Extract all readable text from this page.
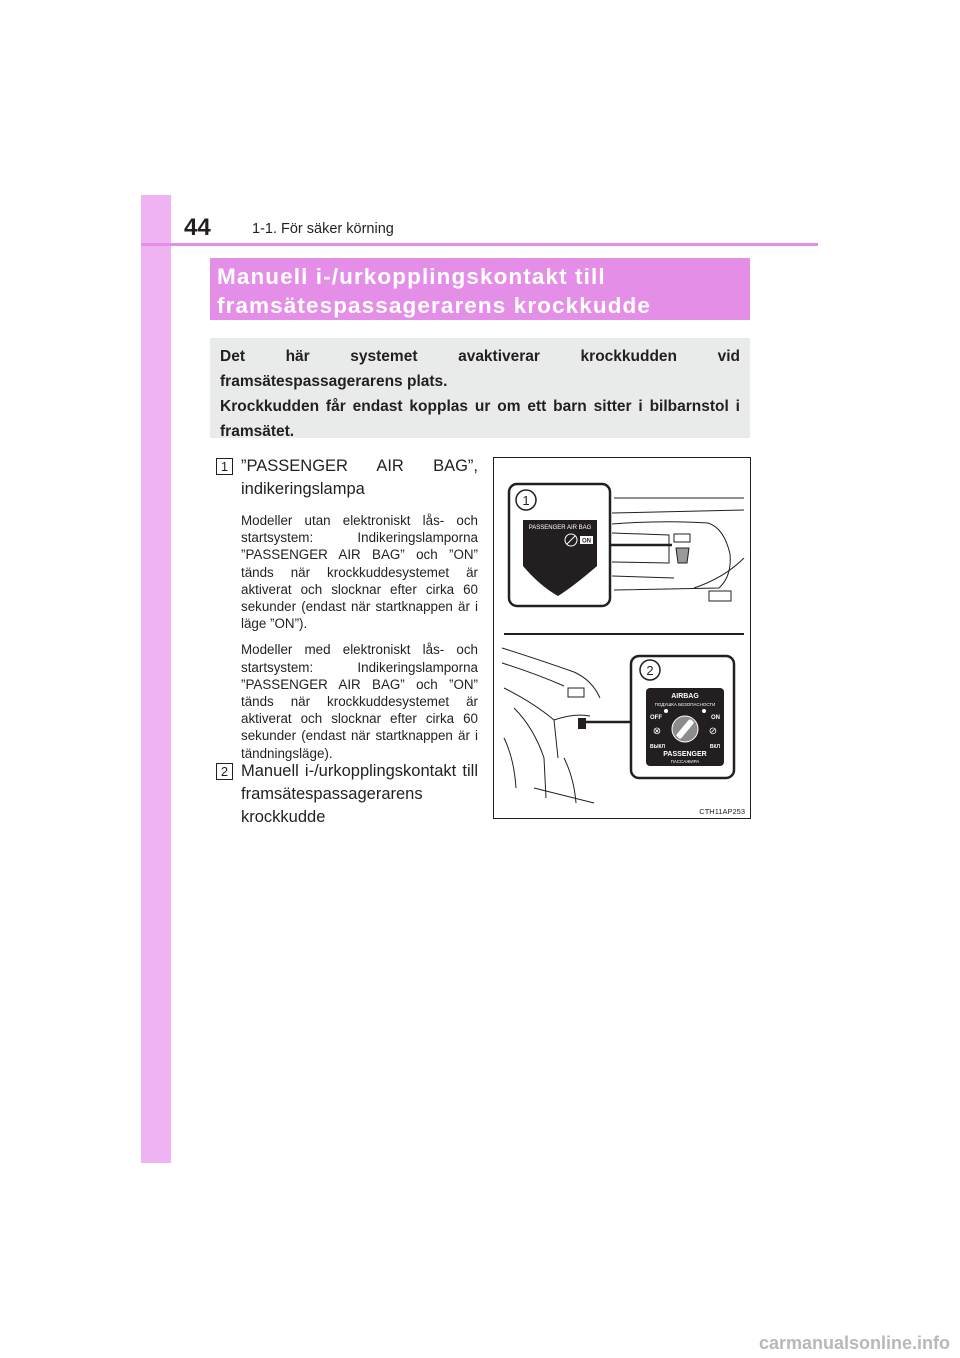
44	1-1. För säker körning
Manuell i-/urkopplingskontakt till
framsätespassagerarens krockkudde

Det här systemet avaktiverar krockkudden vid framsätespassagerarens plats.

Krockkudden får endast kopplas ur om ett barn sitter i bilbarnstol i framsätet.

1 ”PASSENGER AIR BAG”, indikeringslampa
Modeller utan elektroniskt lås- och startsystem: Indikeringslamporna ”PASSENGER AIR BAG” och ”ON” tänds när krockkuddesystemet är aktiverat och slocknar efter cirka 60 sekunder (endast när startknappen är i läge ”ON”).
Modeller med elektroniskt lås- och startsystem: Indikeringslamporna ”PASSENGER AIR BAG” och ”ON” tänds när krockkuddesystemet är aktiverat och slocknar efter cirka 60 sekunder (endast när startknappen är i tändningsläge).
2 Manuell i-/urkopplingskontakt till framsätespassagerarens krockkudde
1
PASSENGER AIR BAG
ON
2
AIRBAG
ПОДУШКА БЕЗОПАСНОСТИ
OFF	ON
⊗	⊘
ВЫКЛ	ВКЛ
PASSENGER
ПАССАЖИРА
CTH11AP253
carmanualsonline.info
